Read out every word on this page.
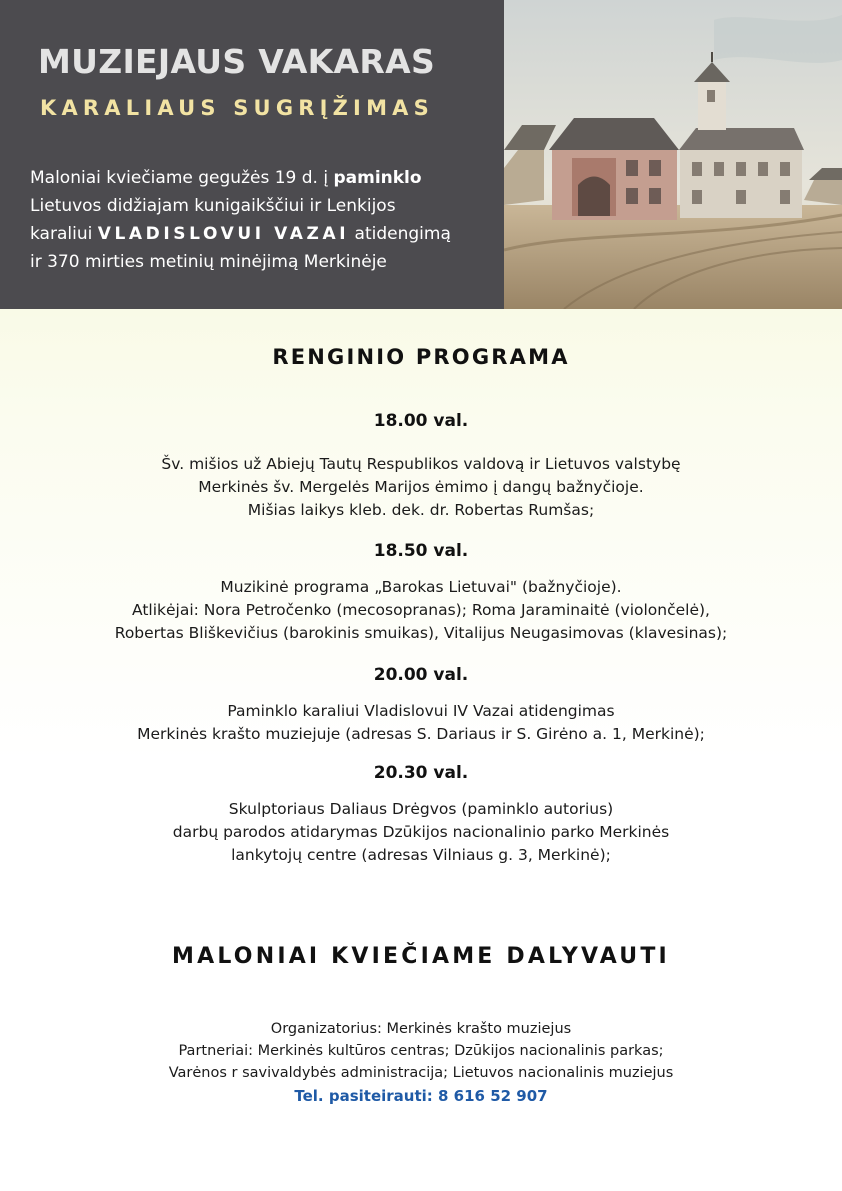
MUZIEJAUS VAKARAS
KARALIAUS SUGRĮŽIMAS

Maloniai kviečiame gegužės 19 d. į paminklo
Lietuvos didžiajam kunigaikščiui ir Lenkijos
karaliui VLADISLOVUI VAZAI atidengimą
ir 370 mirties metinių minėjimą Merkinėje

RENGINIO PROGRAMA

18.00 val.

Šv. mišios už Abiejų Tautų Respublikos valdovą ir Lietuvos valstybę
Merkinės šv. Mergelės Marijos ėmimo į dangų bažnyčioje.
Mišias laikys kleb. dek. dr. Robertas Rumšas;

18.50 val.

Muzikinė programa „Barokas Lietuvai" (bažnyčioje).
Atlikėjai: Nora Petročenko (mecosopranas); Roma Jaraminaitė (violončelė),
Robertas Bliškevičius (barokinis smuikas), Vitalijus Neugasimovas (klavesinas);

20.00 val.

Paminklo karaliui Vladislovui IV Vazai atidengimas
Merkinės krašto muziejuje (adresas S. Dariaus ir S. Girėno a. 1, Merkinė);

20.30 val.

Skulptoriaus Daliaus Drėgvos (paminklo autorius)
darbų parodos atidarymas Dzūkijos nacionalinio parko Merkinės
lankytojų centre (adresas Vilniaus g. 3, Merkinė);

MALONIAI KVIEČIAME DALYVAUTI

Organizatorius: Merkinės krašto muziejus
Partneriai: Merkinės kultūros centras; Dzūkijos nacionalinis parkas;
Varėnos r savivaldybės administracija; Lietuvos nacionalinis muziejus

Tel. pasiteirauti: 8 616 52 907
